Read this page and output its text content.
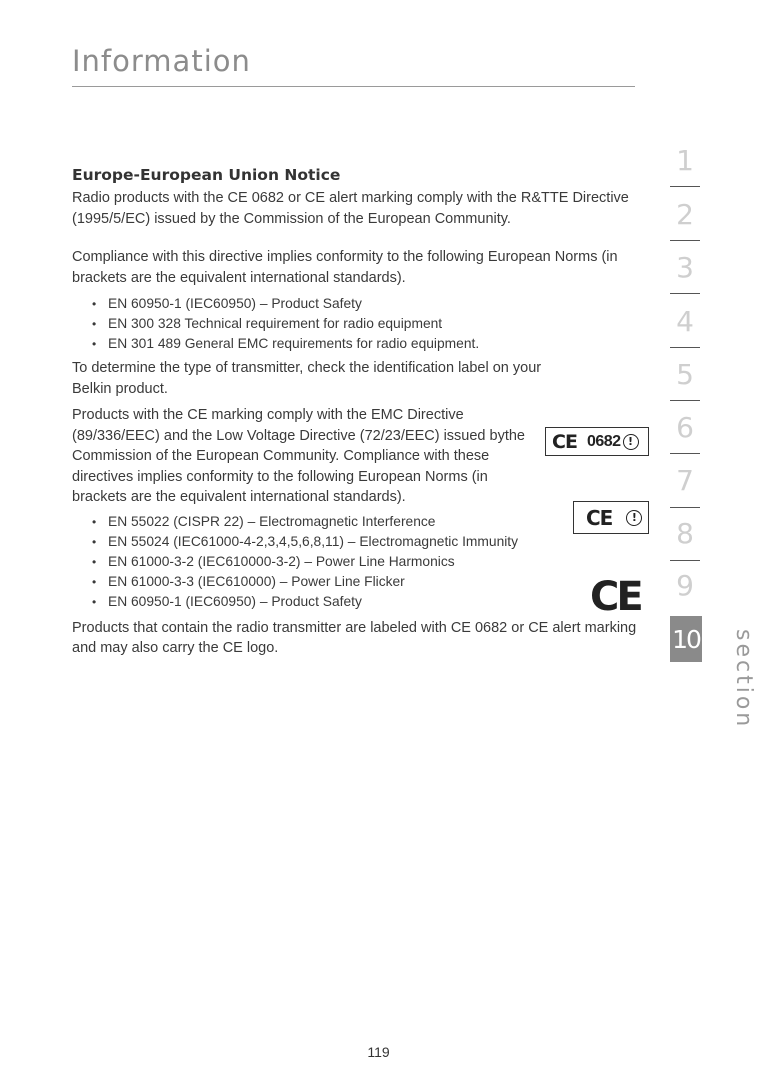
Information
Europe-European Union Notice

Radio products with the CE 0682 or CE alert marking comply with the R&TTE Directive (1995/5/EC) issued by the Commission of the European Community.

Compliance with this directive implies conformity to the following European Norms (in brackets are the equivalent international standards).

• EN 60950-1 (IEC60950) – Product Safety
• EN 300 328 Technical requirement for radio equipment
• EN 301 489 General EMC requirements for radio equipment.

To determine the type of transmitter, check the identification label on your Belkin product.

Products with the CE marking comply with the EMC Directive (89/336/EEC) and the Low Voltage Directive (72/23/EEC) issued bythe Commission of the European Community. Compliance with these directives implies conformity to the following European Norms (in brackets are the equivalent international standards).

• EN 55022 (CISPR 22) – Electromagnetic Interference
• EN 55024 (IEC61000-4-2,3,4,5,6,8,11) – Electromagnetic Immunity
• EN 61000-3-2 (IEC610000-3-2) – Power Line Harmonics
• EN 61000-3-3 (IEC610000) – Power Line Flicker
• EN 60950-1 (IEC60950) – Product Safety

Products that contain the radio transmitter are labeled with CE 0682 or CE alert marking and may also carry the CE logo.

CE 0682 !
CE	!
CE
1
2
3
4
5
6
7
8
9
10 section
119
